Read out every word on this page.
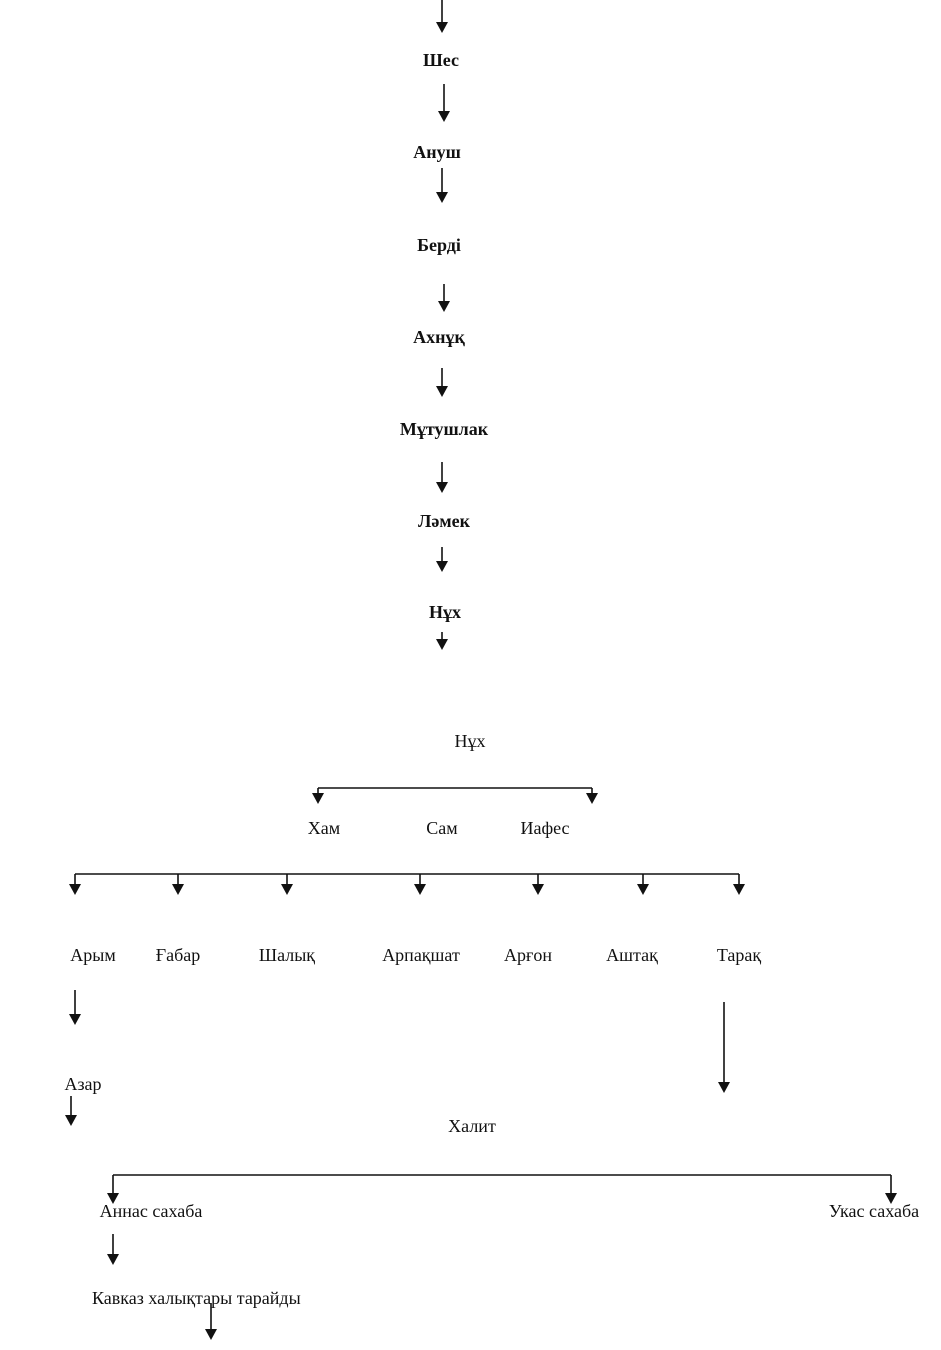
Шес
Ануш
Берді
Ахнұқ
Мұтушлак
Ләмек
Нұх
Нұх
Хам	Сам	Иафес
Арым Ғабар	Шалық	Арпақшат Арғон	Аштақ	Тарақ
Азар
Халит
Аннас сахаба	Укас сахаба
Кавказ халықтары тарайды
